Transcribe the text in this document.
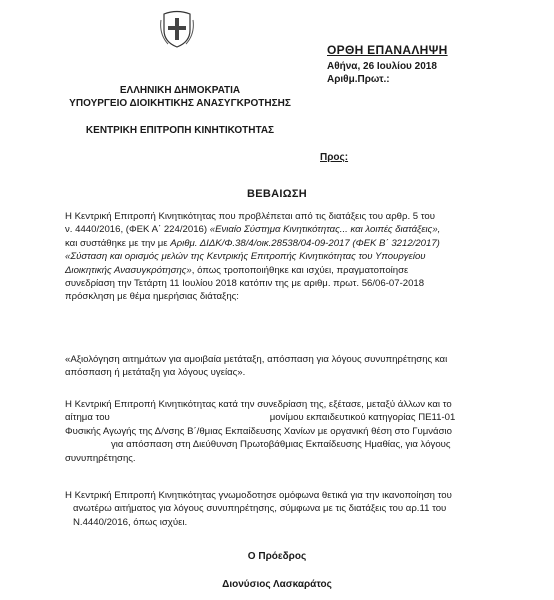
ΕΛΛΗΝΙΚΗ ΔΗΜΟΚΡΑΤΙΑ
ΥΠΟΥΡΓΕΙΟ ΔΙΟΙΚΗΤΙΚΗΣ ΑΝΑΣΥΓΚΡΟΤΗΣΗΣ
ΚΕΝΤΡΙΚΗ ΕΠΙΤΡΟΠΗ ΚΙΝΗΤΙΚΟΤΗΤΑΣ
ΟΡΘΗ ΕΠΑΝΑΛΗΨΗ
Αθήνα, 26 Ιουλίου 2018
Αριθμ.Πρωτ.:
Προς:
ΒΕΒΑΙΩΣΗ
Η Κεντρική Επιτροπή Κινητικότητας που προβλέπεται από τις διατάξεις του αρθρ. 5 του
ν. 4440/2016, (ΦΕΚ Α΄ 224/2016) «Ενιαίο Σύστημα Κινητικότητας... και λοιπές διατάξεις»,
και συστάθηκε με την με Αριθμ. ΔΙΔΚ/Φ.38/4/οικ.28538/04-09-2017 (ΦΕΚ Β΄ 3212/2017)
«Σύσταση και ορισμός μελών της Κεντρικής Επιτροπής Κινητικότητας του Υπουργείου
Διοικητικής Ανασυγκρότησης», όπως τροποποιήθηκε και ισχύει, πραγματοποίησε
συνεδρίαση την Τετάρτη 11 Ιουλίου 2018 κατόπιν της με αριθμ. πρωτ. 56/06-07-2018
πρόσκληση με θέμα ημερήσιας διάταξης:
«Αξιολόγηση αιτημάτων για αμοιβαία μετάταξη, απόσπαση για λόγους συνυπηρέτησης και
απόσπαση ή μετάταξη για λόγους υγείας».
Η Κεντρική Επιτροπή Κινητικότητας κατά την συνεδρίαση της, εξέτασε, μεταξύ άλλων και το
αίτημα του	μονίμου εκπαιδευτικού κατηγορίας ΠΕ11-01
Φυσικής Αγωγής της Δ/νσης Β΄/θμιας Εκπαίδευσης Χανίων με οργανική θέση στο Γυμνάσιο
για απόσπαση στη Διεύθυνση Πρωτοβάθμιας Εκπαίδευσης Ημαθίας, για λόγους
συνυπηρέτησης.
Η Κεντρική Επιτροπή Κινητικότητας γνωμοδοτησε ομόφωνα θετικά για την ικανοποίηση του
ανωτέρω αιτήματος για λόγους συνυπηρέτησης, σύμφωνα με τις διατάξεις του αρ.11 του
Ν.4440/2016, όπως ισχύει.
Ο Πρόεδρος
Διονύσιος Λασκαράτος
